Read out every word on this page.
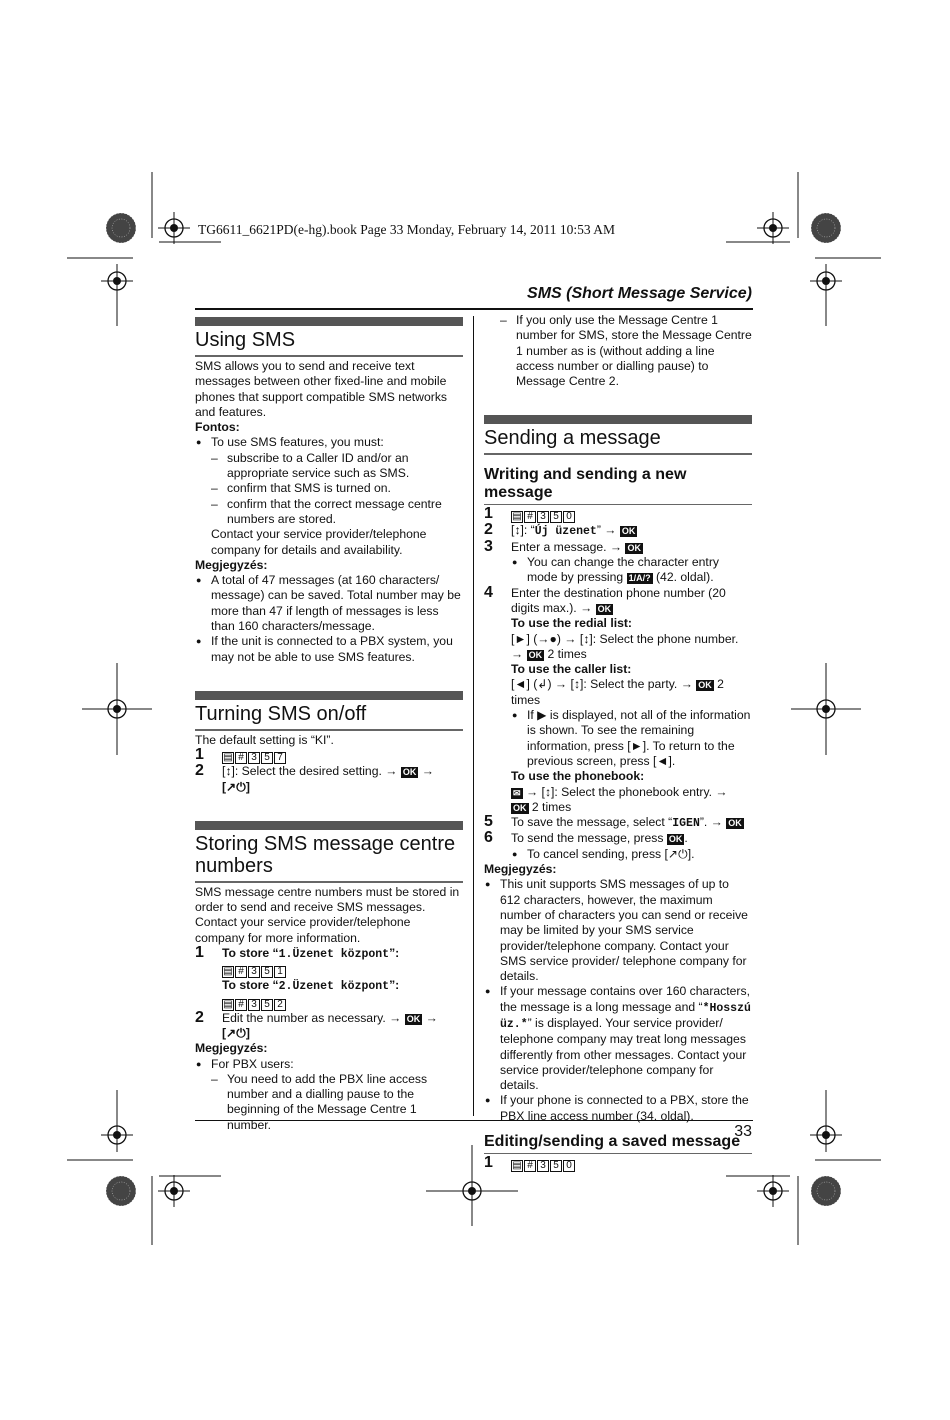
TG6611_6621PD(e-hg).book Page 33 Monday, February 14, 2011 10:53 AM
SMS (Short Message Service)
33
Using SMS

SMS allows you to send and receive text messages between other fixed-line and mobile phones that support compatible SMS networks and features.

Fontos:

● To use SMS features, you must:

– subscribe to a Caller ID and/or an appropriate service such as SMS.

– confirm that SMS is turned on.

– confirm that the correct message centre numbers are stored.

Contact your service provider/telephone company for details and availability.

Megjegyzés:

● A total of 47 messages (at 160 characters/ message) can be saved. Total number may be more than 47 if length of messages is less than 160 characters/message.

● If the unit is connected to a PBX system, you may not be able to use SMS features.

Turning SMS on/off

The default setting is “KI”.

1 ▤ # 3 5 7
2 [↕]: Select the desired setting. → OK →
[↗⏻]
Storing SMS message centre numbers

SMS message centre numbers must be stored in order to send and receive SMS messages. Contact your service provider/telephone company for more information.

1 To store “1.Üzenet központ”:
▤ # 3 5 1
To store “2.Üzenet központ”:
▤ # 3 5 2
2 Edit the number as necessary. → OK →
[↗⏻]

Megjegyzés:

● For PBX users:

– You need to add the PBX line access number and a dialling pause to the beginning of the Message Centre 1 number.

– If you only use the Message Centre 1 number for SMS, store the Message Centre 1 number as is (without adding a line access number or dialling pause) to Message Centre 2.

Sending a message
Writing and sending a new message
1 ▤ # 3 5 0
2 [↕]: “Új üzenet” → OK
3 Enter a message. → OK

● You can change the character entry mode by pressing 1/A/? (42. oldal).

4 Enter the destination phone number (20 digits max.). → OK

To use the redial list:

[►] (→●) → [↕]: Select the phone number. → OK 2 times

To use the caller list:

[◄] (↲) → [↕]: Select the party. → OK 2 times

● If ▶ is displayed, not all of the information is shown. To see the remaining information, press [►]. To return to the previous screen, press [◄].

To use the phonebook:

✉ → [↕]: Select the phonebook entry. →
OK 2 times

5 To save the message, select “IGEN”. → OK
6 To send the message, press OK .

● To cancel sending, press [↗⏻].

Megjegyzés:

● This unit supports SMS messages of up to 612 characters, however, the maximum number of characters you can send or receive may be limited by your SMS service provider/telephone company. Contact your SMS service provider/ telephone company for details.

● If your message contains over 160 characters, the message is a long message and “*Hosszú üz.*” is displayed. Your service provider/ telephone company may treat long messages differently from other messages. Contact your service provider/telephone company for details.

● If your phone is connected to a PBX, store the PBX line access number (34. oldal).

Editing/sending a saved message
1 ▤ # 3 5 0
